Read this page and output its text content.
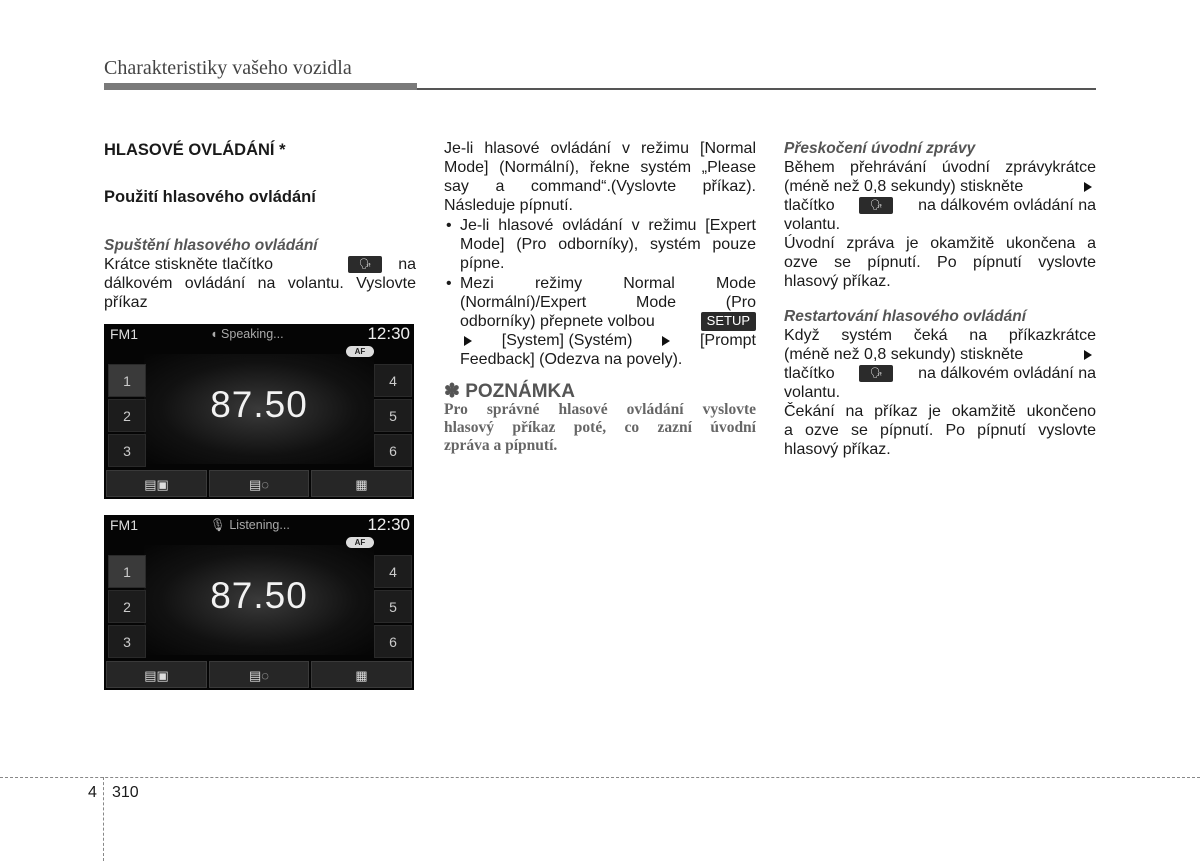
Charakteristiky vašeho vozidla

HLASOVÉ OVLÁDÁNÍ *

Použití hlasového ovládání

Spuštění hlasového ovládání

Krátce stiskněte tlačítko	🗣	na

dálkovém ovládání na volantu. Vyslovte

příkaz

FM1	◖ Speaking...	12:30
AF
87.50
1
2
3
4
5
6
▤▣	▤◌	▦
FM1	🎙 Listening...	12:30
AF
87.50
1
2
3
4
5
6
▤▣	▤◌	▦

Je-li hlasové ovládání v režimu [Normal

Mode] (Normální), řekne systém „Please

say a command“.(Vyslovte příkaz).

Následuje pípnutí.

• Je-li hlasové ovládání v režimu [Expert

Mode] (Pro odborníky), systém pouze

pípne.

• Mezi režimy Normal Mode

(Normální)/Expert Mode (Pro

odborníky) přepnete volbou	SETUP

[System] (Systém)	[Prompt

Feedback] (Odezva na povely).

✽ POZNÁMKA

Pro správné hlasové ovládání vyslovte

hlasový příkaz poté, co zazní úvodní

zpráva a pípnutí.

Přeskočení úvodní zprávy

Během přehrávání úvodní zprávykrátce

(méně než 0,8 sekundy) stiskněte

tlačítko	🗣	na dálkovém ovládání na

volantu.

Úvodní zpráva je okamžitě ukončena a

ozve se pípnutí. Po pípnutí vyslovte

hlasový příkaz.

Restartování hlasového ovládání

Když systém čeká na příkazkrátce

(méně než 0,8 sekundy) stiskněte

tlačítko	🗣	na dálkovém ovládání na

volantu.

Čekání na příkaz je okamžitě ukončeno

a ozve se pípnutí. Po pípnutí vyslovte

hlasový příkaz.

4 310
